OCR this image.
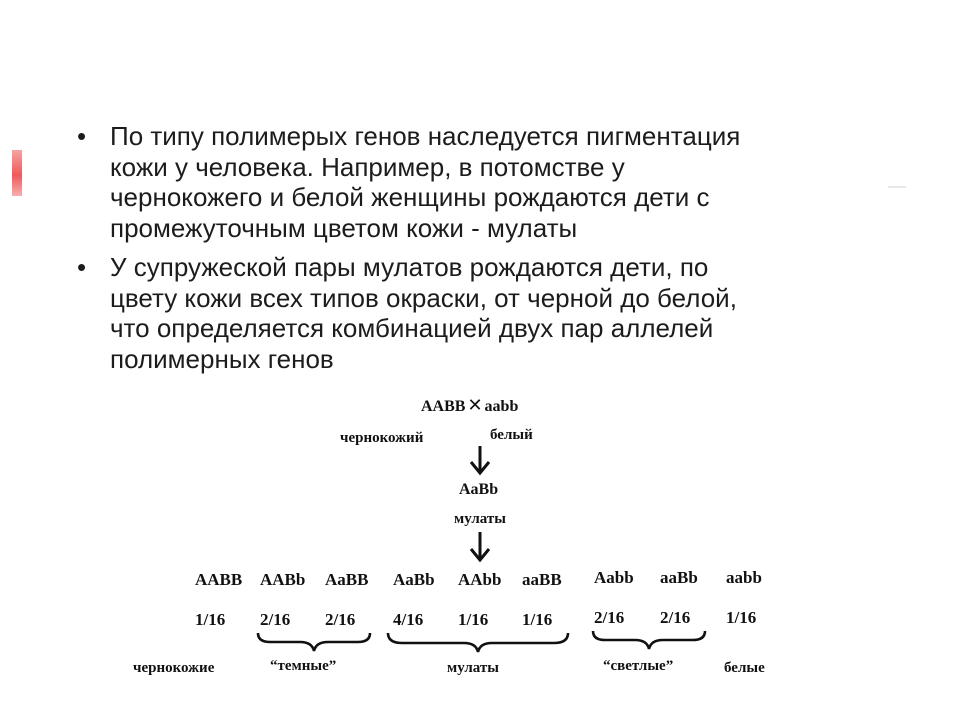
• По типу полимерых генов наследуется пигментация
кожи у человека. Например, в потомстве у
чернокожего и белой женщины рождаются дети с
промежуточным цветом кожи - мулаты
• У супружеской пары мулатов рождаются дети, по
цвету кожи всех типов окраски, от черной до белой,
что определяется комбинацией двух пар аллелей
полимерных генов
AABB ✕ aabb
чернокожий	белый
AaBb
мулаты
AABB AABb AaBB AaBb AAbb aaBB Aabb aaBb aabb
1/16 2/16 2/16 4/16 1/16 1/16 2/16 2/16 1/16
чернокожие	“темные”	мулаты	“светлые”	белые
